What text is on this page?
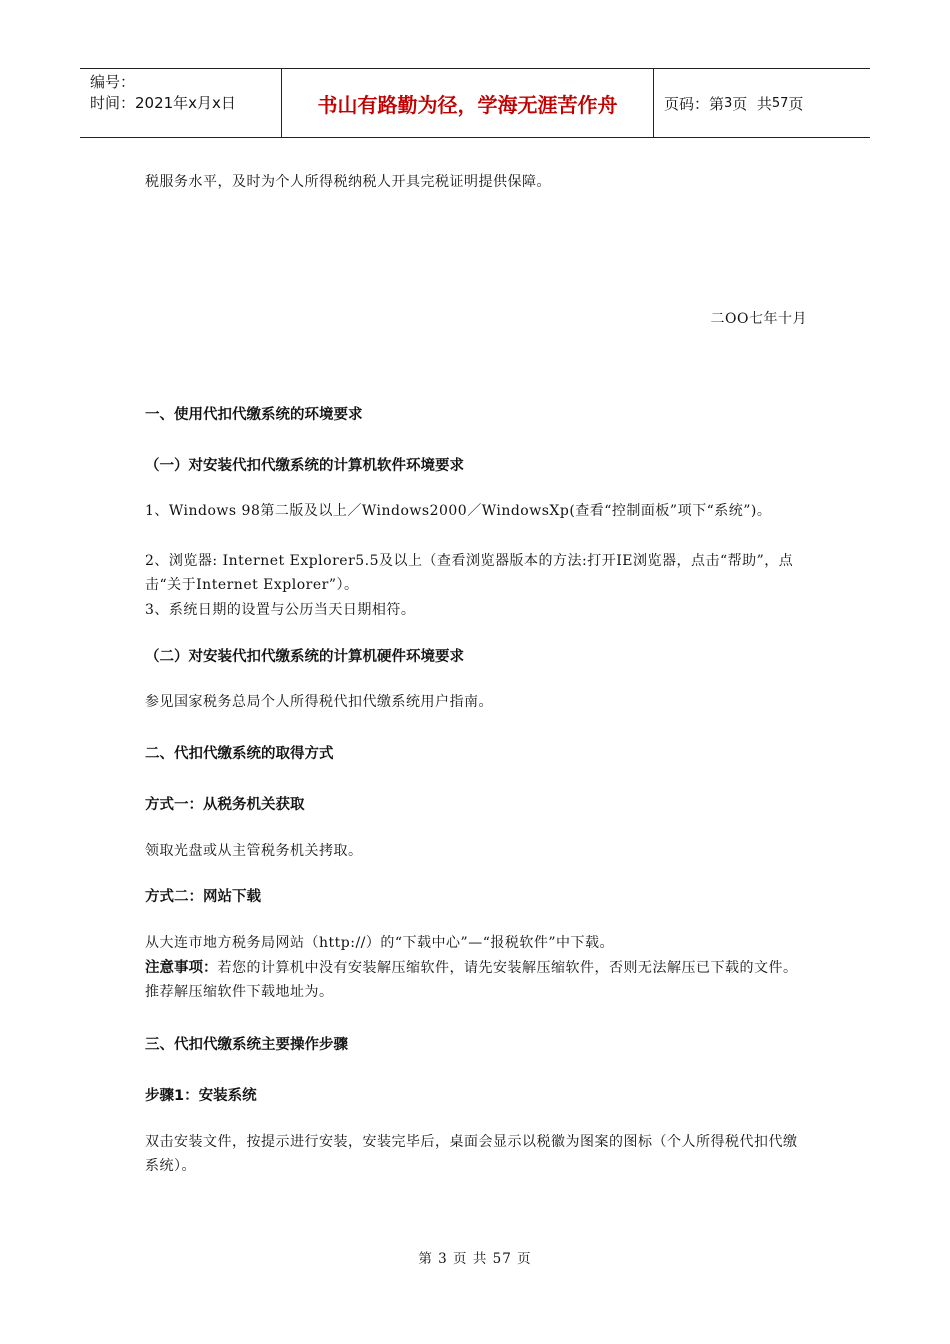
编号：
时间：2021年x月x日	书山有路勤为径，学海无涯苦作舟	页码：第 3 页  共 57 页
税服务水平，及时为个人所得税纳税人开具完税证明提供保障。
二OO七年十月
一、使用代扣代缴系统的环境要求
（一）对安装代扣代缴系统的计算机软件环境要求
1、Windows 98第二版及以上／Windows2000／WindowsXp(查看“控制面板”项下“系统”)。
2、浏览器: Internet Explorer5.5及以上（查看浏览器版本的方法:打开IE浏览器，点击“帮助”，点击“关于Internet Explorer”）。
3、系统日期的设置与公历当天日期相符。
（二）对安装代扣代缴系统的计算机硬件环境要求
参见国家税务总局个人所得税代扣代缴系统用户指南。
二、代扣代缴系统的取得方式
方式一：从税务机关获取
领取光盘或从主管税务机关拷取。
方式二：网站下载
从大连市地方税务局网站（http://）的“下载中心”—“报税软件”中下载。
注意事项：若您的计算机中没有安装解压缩软件，请先安装解压缩软件，否则无法解压已下载的文件。推荐解压缩软件下载地址为。
三、代扣代缴系统主要操作步骤
步骤1：安装系统
双击安装文件，按提示进行安装，安装完毕后，桌面会显示以税徽为图案的图标（个人所得税代扣代缴系统）。
第 3 页 共 57 页
